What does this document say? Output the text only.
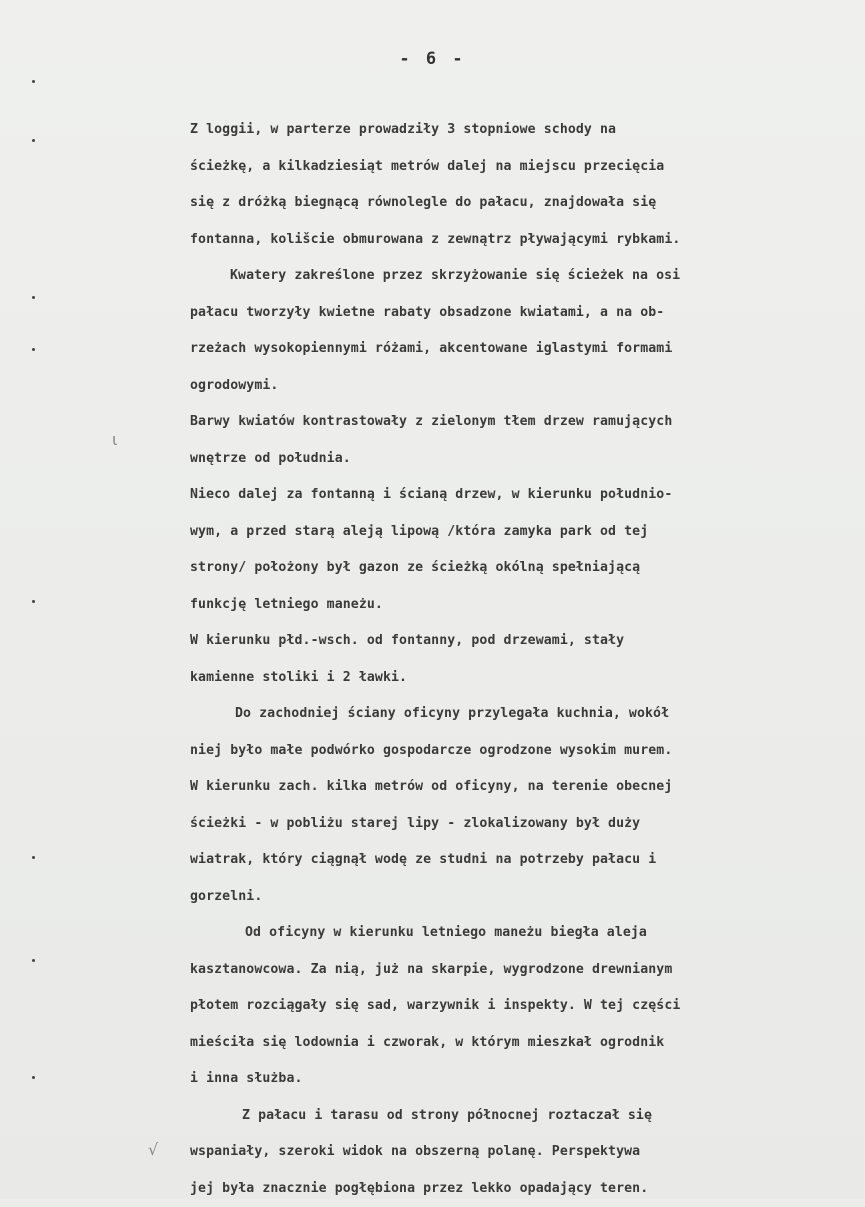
- 6 -
ι
√
Z loggii, w parterze prowadziły 3 stopniowe schody na
ścieżkę, a kilkadziesiąt metrów dalej na miejscu przecięcia
się z dróżką biegnącą równolegle do pałacu, znajdowała się
fontanna, kolišcie obmurowana z zewnątrz pływającymi rybkami.
Kwatery zakreślone przez skrzyżowanie się ścieżek na osi
pałacu tworzyły kwietne rabaty obsadzone kwiatami, a na ob-
rzeżach wysokopiennymi różami, akcentowane iglastymi formami
ogrodowymi.
Barwy kwiatów kontrastowały z zielonym tłem drzew ramujących
wnętrze od południa.
Nieco dalej za fontanną i ścianą drzew, w kierunku południo-
wym, a przed starą aleją lipową /która zamyka park od tej
strony/ położony był gazon ze ścieżką okólną spełniającą
funkcję letniego maneżu.
W kierunku płd.-wsch. od fontanny, pod drzewami, stały
kamienne stoliki i 2 ławki.
Do zachodniej ściany oficyny przylegała kuchnia, wokół
niej było małe podwórko gospodarcze ogrodzone wysokim murem.
W kierunku zach. kilka metrów od oficyny, na terenie obecnej
ścieżki - w pobliżu starej lipy - zlokalizowany był duży
wiatrak, który ciągnął wodę ze studni na potrzeby pałacu i
gorzelni.
Od oficyny w kierunku letniego maneżu biegła aleja
kasztanowcowa. Za nią, już na skarpie, wygrodzone drewnianym
płotem rozciągały się sad, warzywnik i inspekty. W tej części
mieściła się lodownia i czworak, w którym mieszkał ogrodnik
i inna służba.
Z pałacu i tarasu od strony północnej roztaczał się
wspaniały, szeroki widok na obszerną polanę. Perspektywa
jej była znacznie pogłębiona przez lekko opadający teren.
